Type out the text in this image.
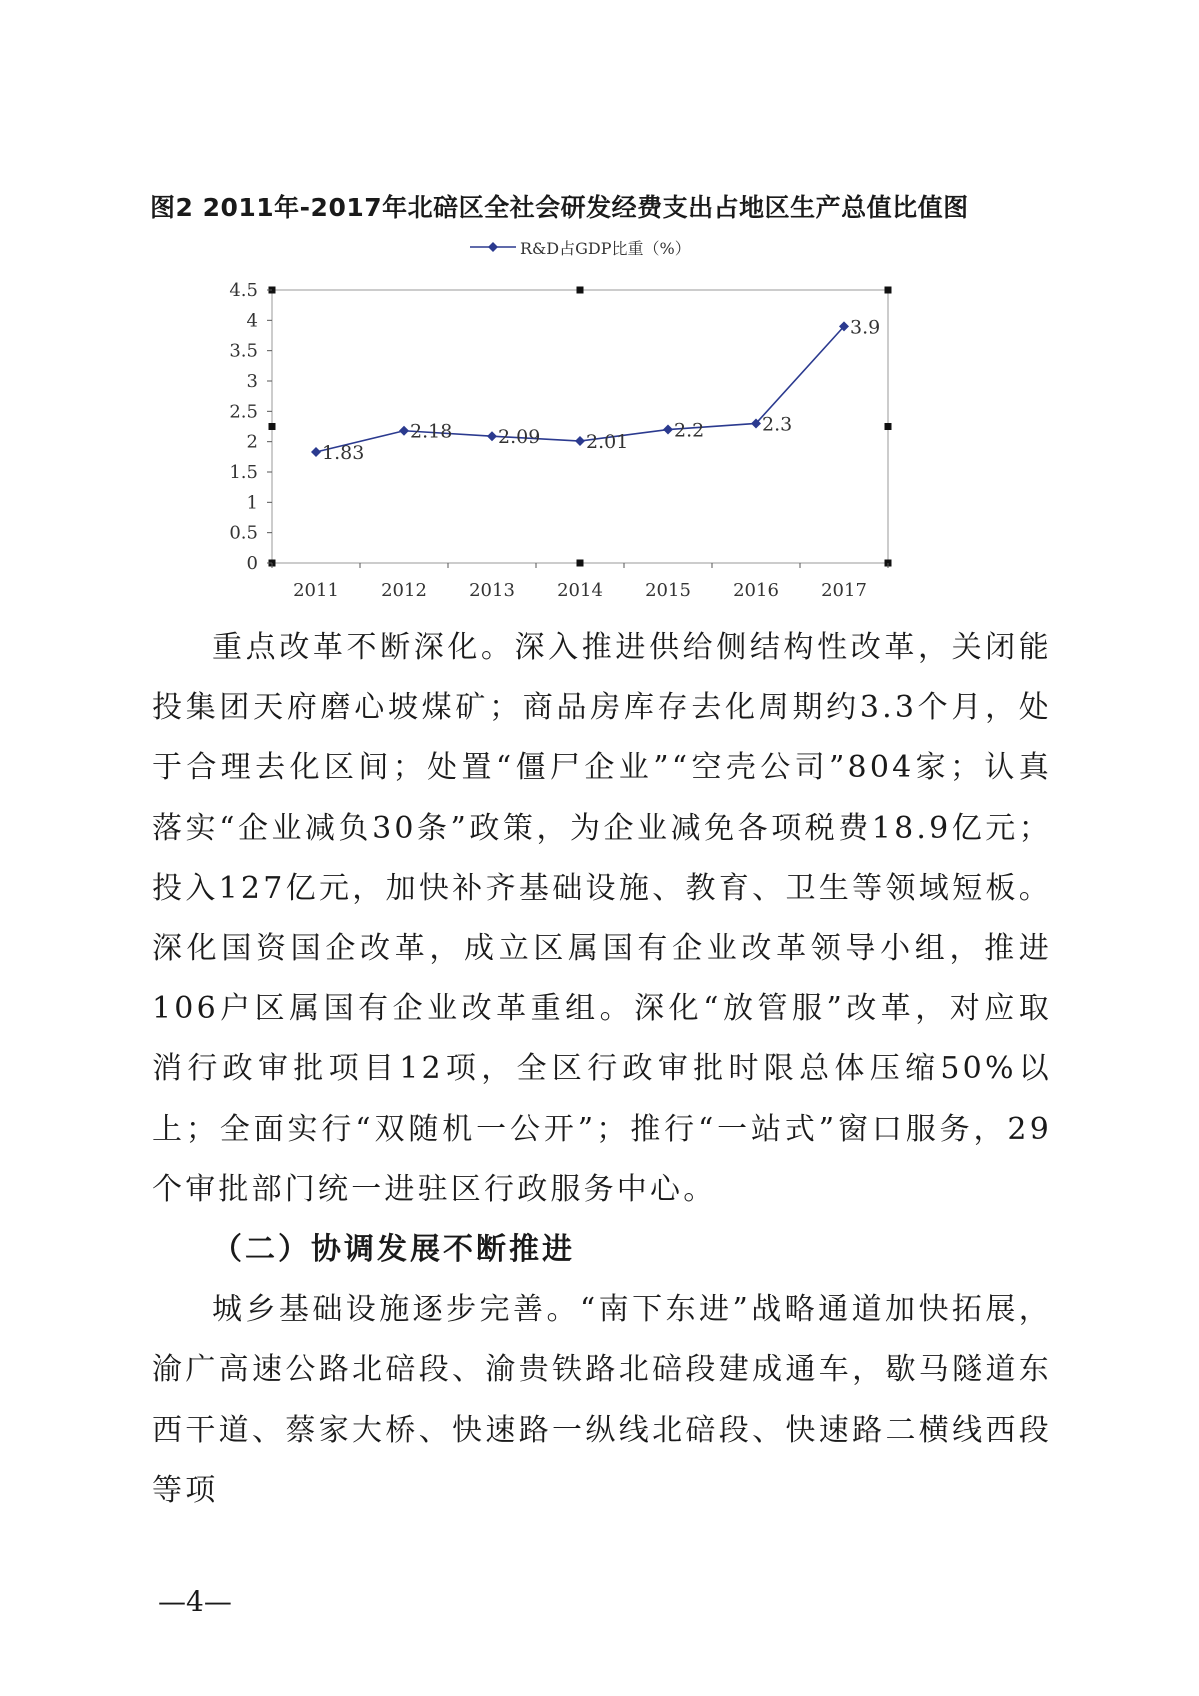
图2 2011年-2017年北碚区全社会研发经费支出占地区生产总值比值图
R&D占GDP比重（%）
0
0.5
1
1.5
2
2.5
3
3.5
4
4.5
2011 2012 2013 2014 2015 2016 2017
1.83
2.18 2.09 2.01
2.2	2.3
3.9

重点改革不断深化。深入推进供给侧结构性改革，关闭能投集团天府磨心坡煤矿；商品房库存去化周期约3.3个月，处于合理去化区间；处置“僵尸企业”“空壳公司”804家；认真落实“企业减负30条”政策，为企业减免各项税费18.9亿元；投入127亿元，加快补齐基础设施、教育、卫生等领域短板。深化国资国企改革，成立区属国有企业改革领导小组，推进106户区属国有企业改革重组。深化“放管服”改革，对应取消行政审批项目12项，全区行政审批时限总体压缩50%以上；全面实行“双随机一公开”；推行“一站式”窗口服务，29个审批部门统一进驻区行政服务中心。

（二）协调发展不断推进

城乡基础设施逐步完善。“南下东进”战略通道加快拓展，渝广高速公路北碚段、渝贵铁路北碚段建成通车，歇马隧道东西干道、蔡家大桥、快速路一纵线北碚段、快速路二横线西段等项

—4—
